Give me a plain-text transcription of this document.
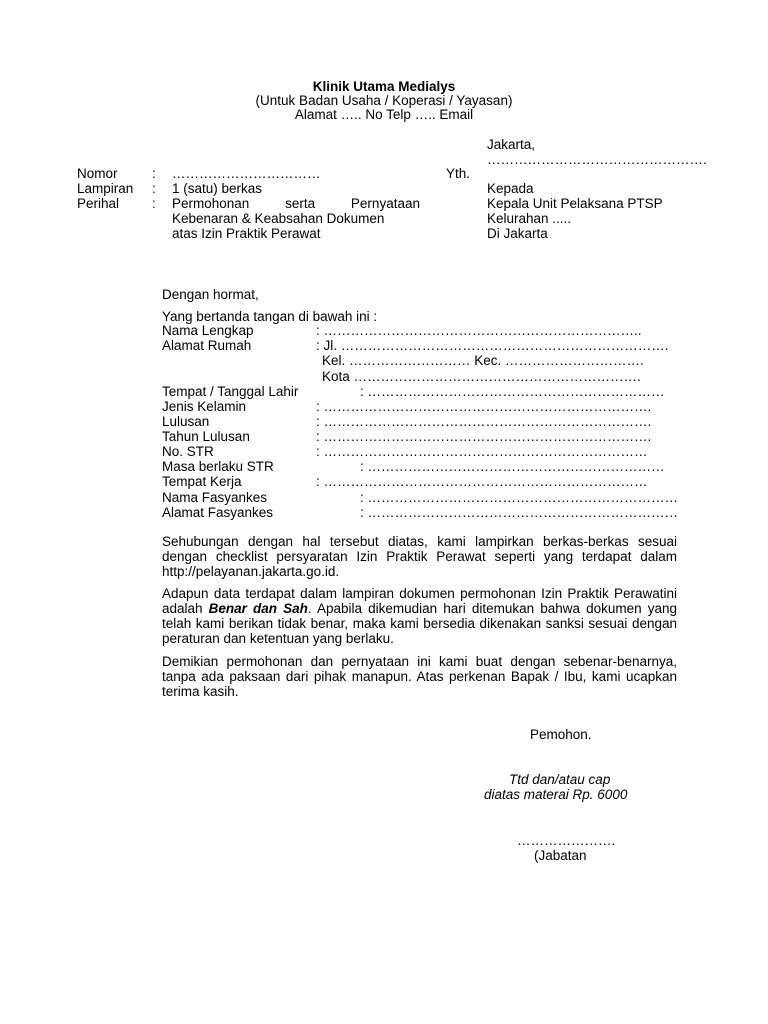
Klinik Utama Medialys
(Untuk Badan Usaha / Koperasi / Yayasan)
Alamat ….. No Telp ….. Email
Jakarta,
………………………………………….
Nomor	: ……………………………
Lampiran : 1 (satu) berkas
Perihal : Permohonan	serta	Pernyataan
Kebenaran & Keabsahan Dokumen
atas Izin Praktik Perawat
Yth.
Kepada
Kepala Unit Pelaksana PTSP
Kelurahan .....
Di Jakarta
Dengan hormat,
Yang bertanda tangan di bawah ini :
Nama Lengkap	: ……………………………………………………………..
Alamat Rumah	: Jl. ……………………………………………………………….
Kel. ……………………… Kec. ………………………….
Kota ……………………………………………………….
Tempat / Tanggal Lahir	: …………………………………………………………
Jenis Kelamin	: ……………………………………………………………….
Lulusan	: ……………………………………………………………….
Tahun Lulusan	: ……………………………………………………………….
No. STR	: ………………………………………………………………
Masa berlaku STR	: …………………………………………………………
Tempat Kerja	: ………………………………………………………………
Nama Fasyankes	: ……………………………………………………………
Alamat Fasyankes	: ……………………………………………………………
Sehubungan dengan hal tersebut diatas, kami lampirkan berkas-berkas sesuai dengan checklist persyaratan Izin Praktik Perawat seperti yang terdapat dalam http://pelayanan.jakarta.go.id.
Adapun data terdapat dalam lampiran dokumen permohonan Izin Praktik Perawatini adalah Benar dan Sah. Apabila dikemudian hari ditemukan bahwa dokumen yang telah kami berikan tidak benar, maka kami bersedia dikenakan sanksi sesuai dengan peraturan dan ketentuan yang berlaku.
Demikian permohonan dan pernyataan ini kami buat dengan sebenar-benarnya, tanpa ada paksaan dari pihak manapun. Atas perkenan Bapak / Ibu, kami ucapkan terima kasih.
Pemohon.
Ttd dan/atau cap
diatas materai Rp. 6000
………………….
(Jabatan
